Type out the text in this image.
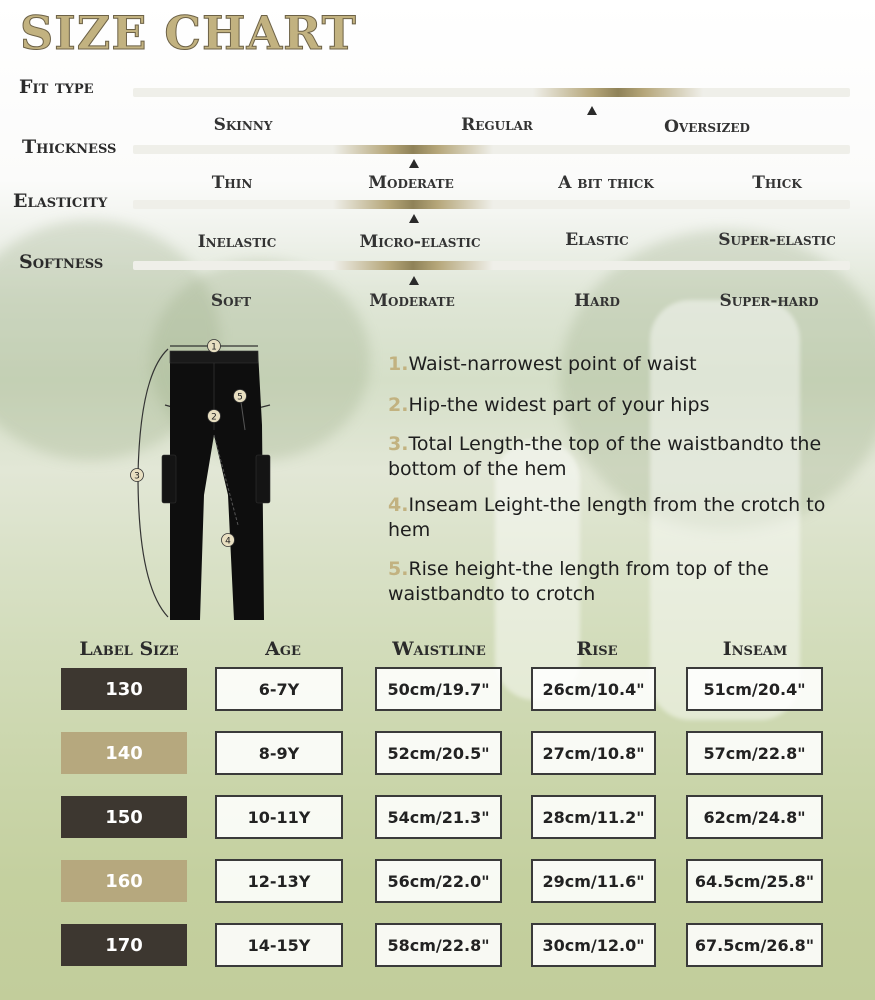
SIZE CHART
Fit type
Skinny	Regular	Oversized
Thickness
Thin	Moderate	A bit thick	Thick
Elasticity
Inelastic	Micro-elastic	Elastic	Super-elastic
Softness
Soft	Moderate	Hard	Super-hard
1
2
3
4
5
1.Waist-narrowest point of waist
2.Hip-the widest part of your hips
3.Total Length-the top of the waistbandto the bottom of the hem
4.Inseam Leight-the length from the crotch to hem
5.Rise height-the length from top of the waistbandto to crotch
Label Size	Age	Waistline	Rise	Inseam
130	6-7Y	50cm/19.7"	26cm/10.4"	51cm/20.4"
140	8-9Y	52cm/20.5"	27cm/10.8"	57cm/22.8"
150	10-11Y	54cm/21.3"	28cm/11.2"	62cm/24.8"
160	12-13Y	56cm/22.0"	29cm/11.6"	64.5cm/25.8"
170	14-15Y	58cm/22.8"	30cm/12.0"	67.5cm/26.8"
